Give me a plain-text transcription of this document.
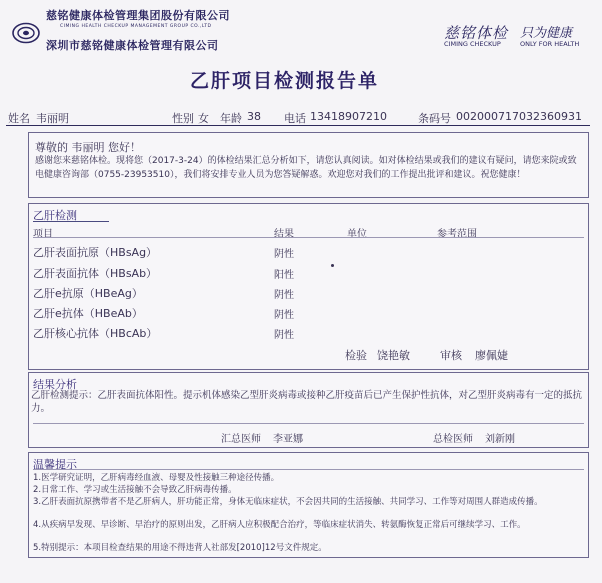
慈铭健康体检管理集团股份有限公司
CIMING HEALTH CHECKUP MANAGEMENT GROUP CO.,LTD
深圳市慈铭健康体检管理有限公司
慈铭体检 只为健康
CIMING CHECKUP	ONLY FOR HEALTH
乙肝项目检测报告单
姓名 韦丽明	性别 女 年龄 38 电话 13418907210	条码号 002000717032360931
尊敬的 韦丽明 您好！
感谢您来慈铭体检。现将您（2017-3-24）的体检结果汇总分析如下，请您认真阅读。如对体检结果或我们的建议有疑问，请您来院或致电健康咨询部（0755-23953510），我们将安排专业人员为您答疑解惑。欢迎您对我们的工作提出批评和建议。祝您健康！
乙肝检测
项目	结果	单位	参考范围
乙肝表面抗原（HBsAg）	阴性
乙肝表面抗体（HBsAb）	阳性
乙肝e抗原（HBeAg）	阴性
乙肝e抗体（HBeAb）	阴性
乙肝核心抗体（HBcAb）	阴性
检验 饶艳敏	审核 廖佩婕
结果分析
乙肝检测提示：乙肝表面抗体阳性。提示机体感染乙型肝炎病毒或接种乙肝疫苗后已产生保护性抗体，对乙型肝炎病毒有一定的抵抗力。
汇总医师 李亚娜	总检医师 刘新刚
温馨提示
1.医学研究证明，乙肝病毒经血液、母婴及性接触三种途径传播。
2.日常工作、学习或生活接触不会导致乙肝病毒传播。
3.乙肝表面抗原携带者不是乙肝病人，肝功能正常，身体无临床症状，不会因共同的生活接触、共同学习、工作等对周围人群造成传播。
4.从疾病早发现、早诊断、早治疗的原则出发，乙肝病人应积极配合治疗，等临床症状消失、转氨酶恢复正常后可继续学习、工作。
5.特别提示：本项目检查结果的用途不得违背人社部发[2010]12号文件规定。
